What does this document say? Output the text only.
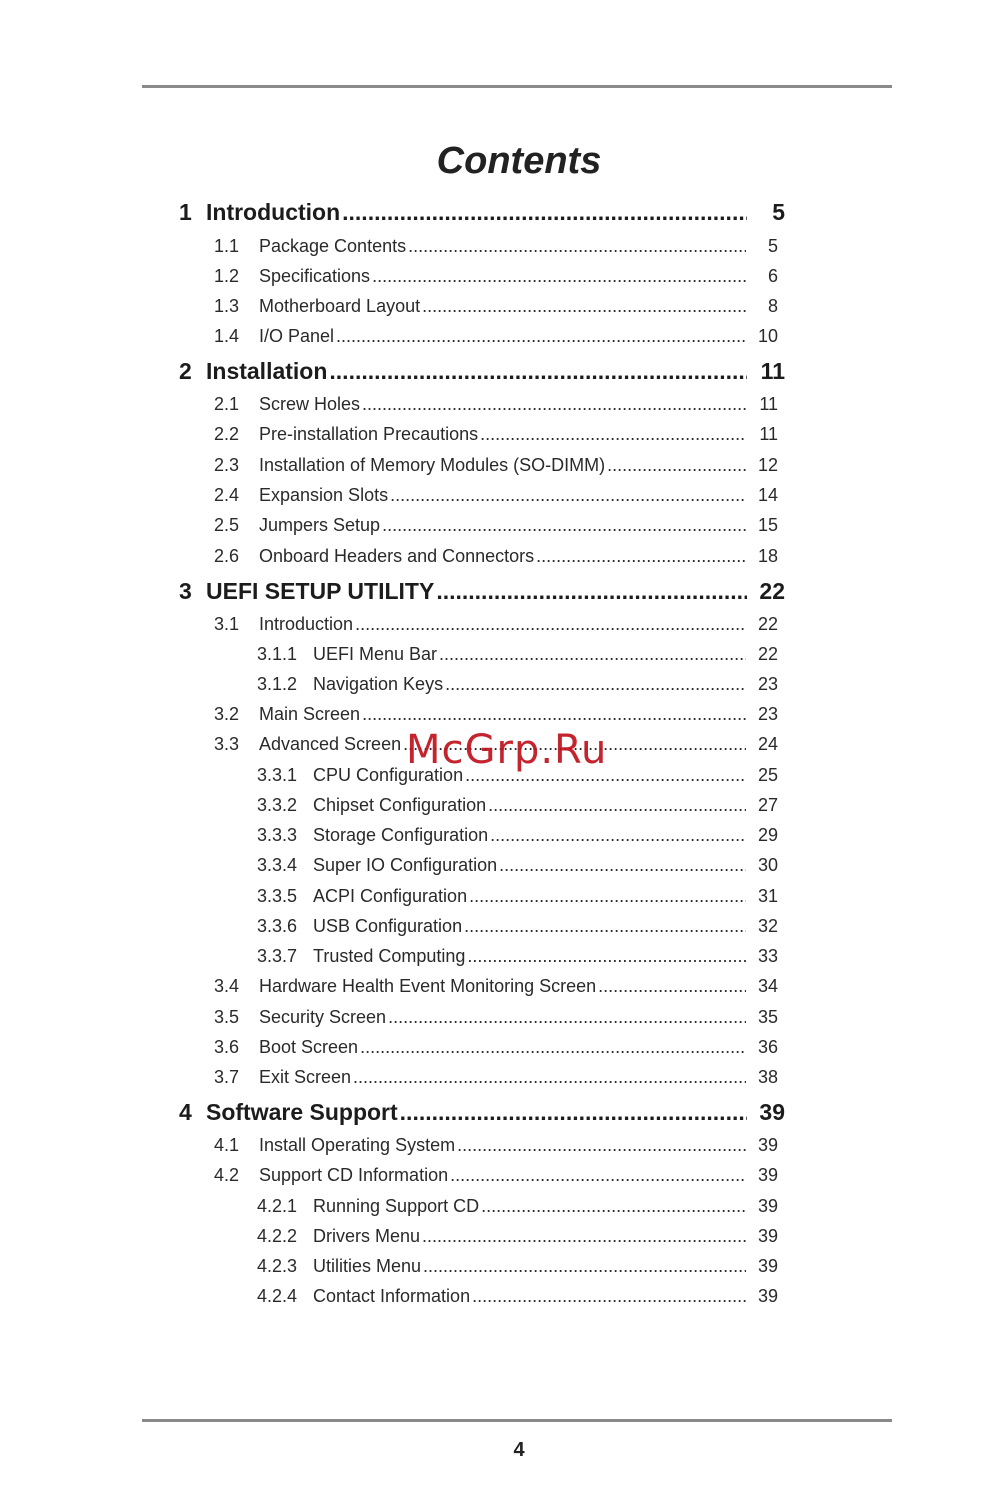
Contents
1 Introduction .....	5
1.1	Package Contents .....	5
1.2	Specifications .....	6
1.3	Motherboard Layout .....	8
1.4	I/O Panel .....	10
2 Installation .....	11
2.1	Screw Holes .....	11
2.2	Pre-installation Precautions .....	11
2.3	Installation of Memory Modules (SO-DIMM) .....	12
2.4	Expansion Slots .....	14
2.5	Jumpers Setup .....	15
2.6	Onboard Headers and Connectors .....	18
3 UEFI SETUP UTILITY .....	22
3.1	Introduction .....	22
3.1.1 UEFI Menu Bar .....	22
3.1.2 Navigation Keys .....	23
3.2	Main Screen .....	23
3.3	Advanced Screen .....	24
3.3.1 CPU Configuration .....	25
3.3.2 Chipset Configuration .....	27
3.3.3 Storage Configuration .....	29
3.3.4 Super IO Configuration .....	30
3.3.5 ACPI Configuration .....	31
3.3.6 USB Configuration .....	32
3.3.7 Trusted Computing .....	33
3.4	Hardware Health Event Monitoring Screen .....	34
3.5	Security Screen .....	35
3.6	Boot Screen .....	36
3.7	Exit Screen .....	38
4 Software Support .....	39
4.1	Install Operating System .....	39
4.2	Support CD Information .....	39
4.2.1 Running Support CD .....	39
4.2.2 Drivers Menu .....	39
4.2.3 Utilities Menu .....	39
4.2.4 Contact Information .....	39
McGrp.Ru
4
